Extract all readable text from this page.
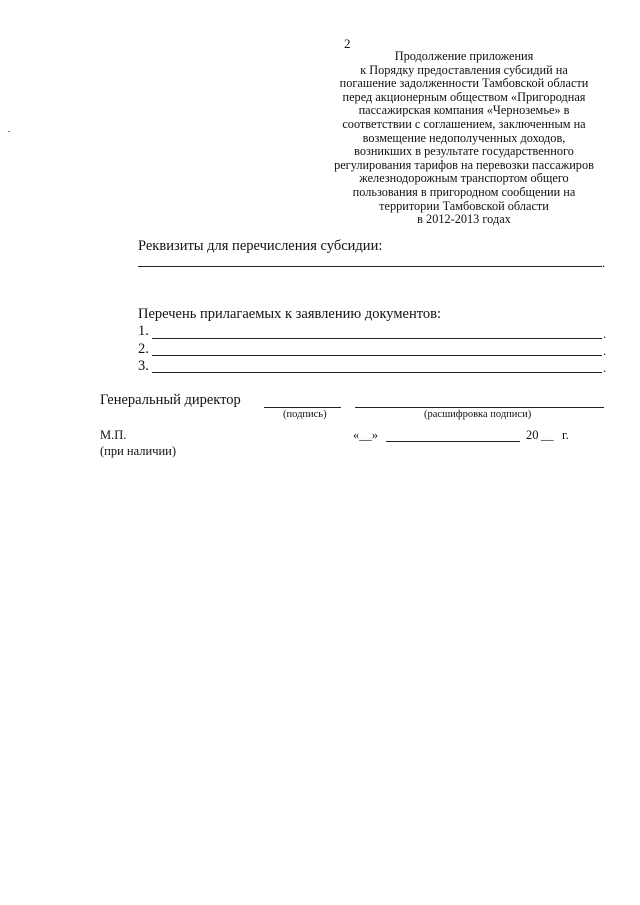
2
Продолжение приложения
к Порядку предоставления субсидий на
погашение задолженности Тамбовской области
перед акционерным обществом «Пригородная
пассажирская компания «Черноземье» в
соответствии с соглашением, заключенным на
возмещение недополученных доходов,
возникших в результате государственного
регулирования тарифов на перевозки пассажиров
железнодорожным транспортом общего
пользования в пригородном сообщении на
территории Тамбовской области
в 2012-2013 годах
Реквизиты для перечисления субсидии:
.
Перечень прилагаемых к заявлению документов:
1.	.
2.	.
3.	.
Генеральный директор
(подпись)	(расшифровка подписи)
М.П.
(при наличии)
«__»	20 __ г.
